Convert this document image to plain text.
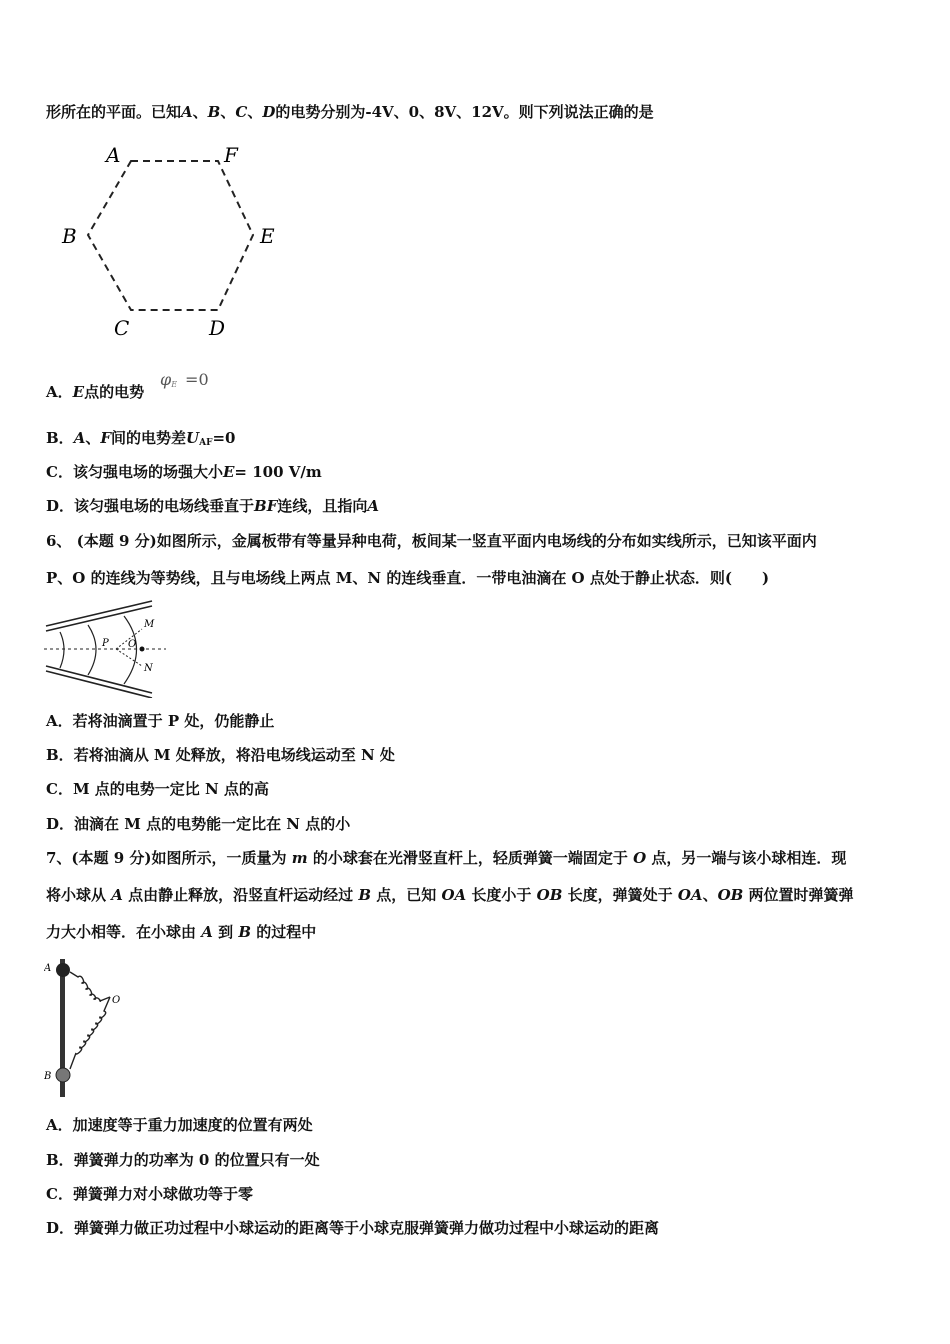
形所在的平面。已知A、B、C、D的电势分别为-4V、0、8V、12V。则下列说法正确的是
A	F
B	E
C	D
A．E点的电势
$\varphi_E =0$
B．A、F间的电势差$U_{AF}=0$
C．该匀强电场的场强大小E= 100 V/m
D．该匀强电场的电场线垂直于BF连线，且指向A
6、 (本题 9 分)如图所示，金属板带有等量异种电荷，板间某一竖直平面内电场线的分布如实线所示，已知该平面内
P、O 的连线为等势线，且与电场线上两点 M、N 的连线垂直．一带电油滴在 O 点处于静止状态．则(　　)
P O
M
N
A．若将油滴置于 P 处，仍能静止
B．若将油滴从 M 处释放，将沿电场线运动至 N 处
C．M 点的电势一定比 N 点的高
D．油滴在 M 点的电势能一定比在 N 点的小
7、(本题 9 分)如图所示，一质量为 m 的小球套在光滑竖直杆上，轻质弹簧一端固定于 O 点，另一端与该小球相连．现
将小球从 A 点由静止释放，沿竖直杆运动经过 B 点，已知 OA 长度小于 OB 长度，弹簧处于 OA、OB 两位置时弹簧弹
力大小相等．在小球由 A 到 B 的过程中
A
O
B
A．加速度等于重力加速度的位置有两处
B．弹簧弹力的功率为 0 的位置只有一处
C．弹簧弹力对小球做功等于零
D．弹簧弹力做正功过程中小球运动的距离等于小球克服弹簧弹力做功过程中小球运动的距离
